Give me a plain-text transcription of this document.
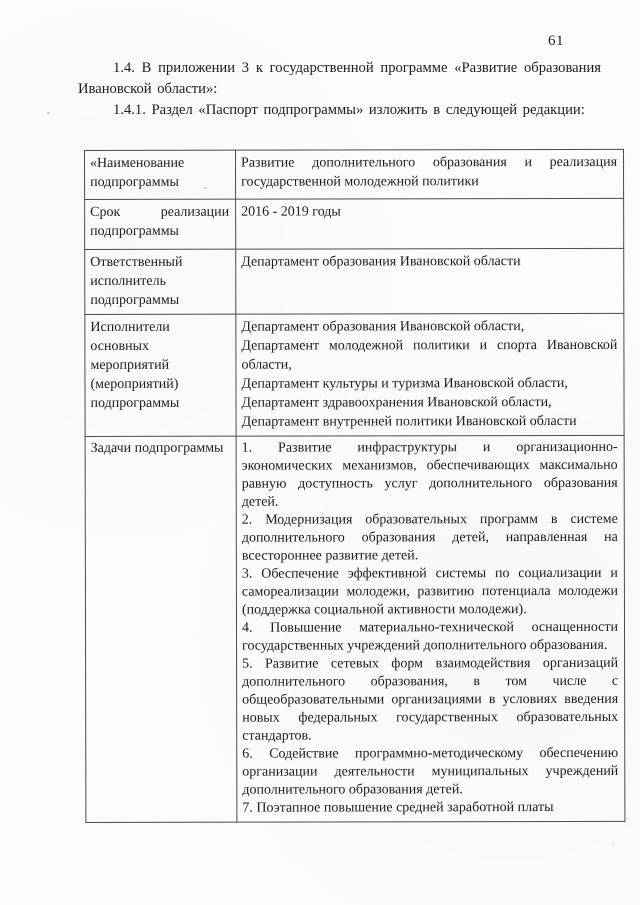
61

1.4. В приложении 3 к государственной программе «Развитие образования Ивановской области»:

1.4.1. Раздел «Паспорт подпрограммы» изложить в следующей редакции:

«Наименование подпрограммы	Развитие дополнительного образования и реализация государственной молодежной политики
Срок реализации подпрограммы	2016 - 2019 годы
Ответственный исполнитель подпрограммы	Департамент образования Ивановской области
Исполнители основных мероприятий (мероприятий) подпрограммы	Департамент образования Ивановской области,
Департамент молодежной политики и спорта Ивановской области,
Департамент культуры и туризма Ивановской области,
Департамент здравоохранения Ивановской области,
Департамент внутренней политики Ивановской области

Задачи подпрограммы	1. Развитие инфраструктуры и организационно-экономических механизмов, обеспечивающих максимально равную доступность услуг дополнительного образования детей.
2. Модернизация образовательных программ в системе дополнительного образования детей, направленная на всестороннее развитие детей.
3. Обеспечение эффективной системы по социализации и самореализации молодежи, развитию потенциала молодежи (поддержка социальной активности молодежи).
4. Повышение материально-технической оснащенности государственных учреждений дополнительного образования.
5. Развитие сетевых форм взаимодействия организаций дополнительного образования, в том числе с общеобразовательными организациями в условиях введения новых федеральных государственных образовательных стандартов.
6. Содействие программно-методическому обеспечению организации деятельности муниципальных учреждений дополнительного образования детей.
7. Поэтапное повышение средней заработной платы
